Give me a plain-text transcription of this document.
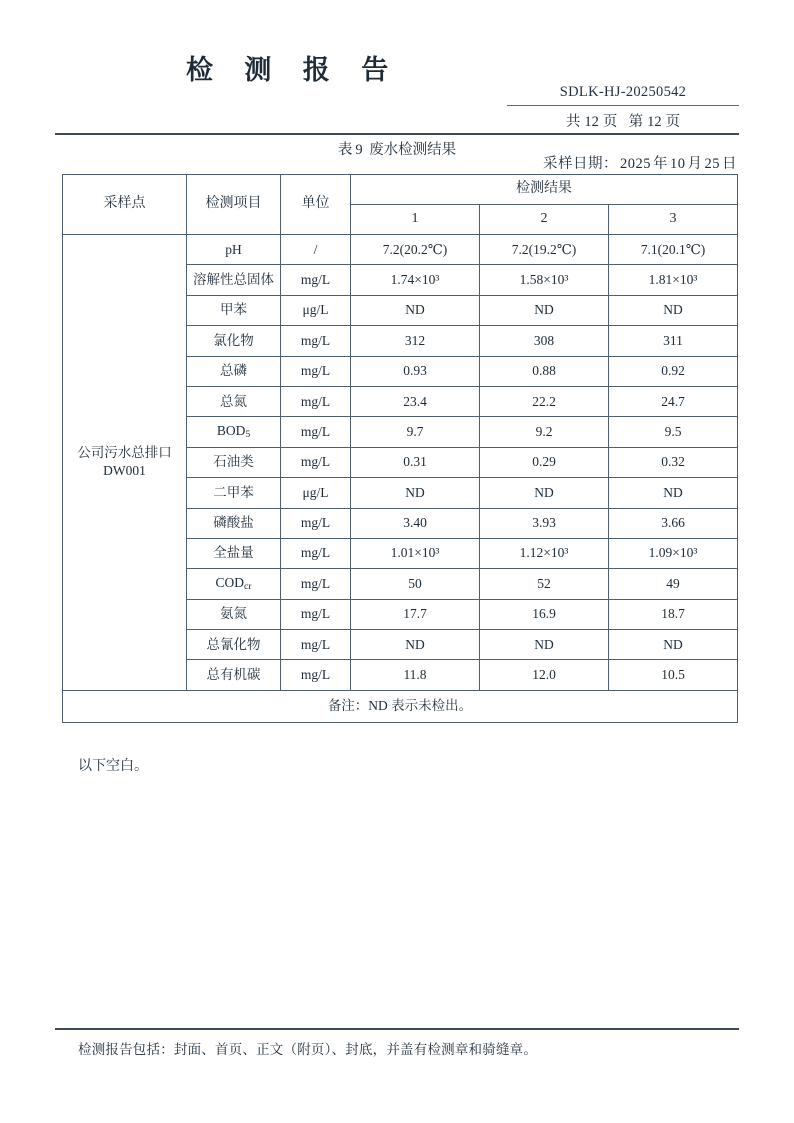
检 测 报 告
SDLK-HJ-20250542
共 12 页 第 12 页
表 9 废水检测结果
采样日期： 2025 年 10 月 25 日
采样点	检测项目	单位	检测结果		
			1	2	3

公司污水总排口
DW001	pH	/	7.2(20.2℃)	7.2(19.2℃)	7.1(20.1℃)
	溶解性总固体	mg/L	1.74×10³	1.58×10³	1.81×10³
	甲苯	μg/L	ND	ND	ND
	氯化物	mg/L	312	308	311
	总磷	mg/L	0.93	0.88	0.92
	总氮	mg/L	23.4	22.2	24.7
	$BOD_5$	mg/L	9.7	9.2	9.5
	石油类	mg/L	0.31	0.29	0.32
	二甲苯	μg/L	ND	ND	ND
	磷酸盐	mg/L	3.40	3.93	3.66
	全盐量	mg/L	1.01×10³	1.12×10³	1.09×10³
	$COD_{cr}$	mg/L	50	52	49
	氨氮	mg/L	17.7	16.9	18.7
	总氰化物	mg/L	ND	ND	ND
	总有机碳	mg/L	11.8	12.0	10.5
备注：ND 表示未检出。					
以下空白。
检测报告包括：封面、首页、正文（附页）、封底，并盖有检测章和骑缝章。
